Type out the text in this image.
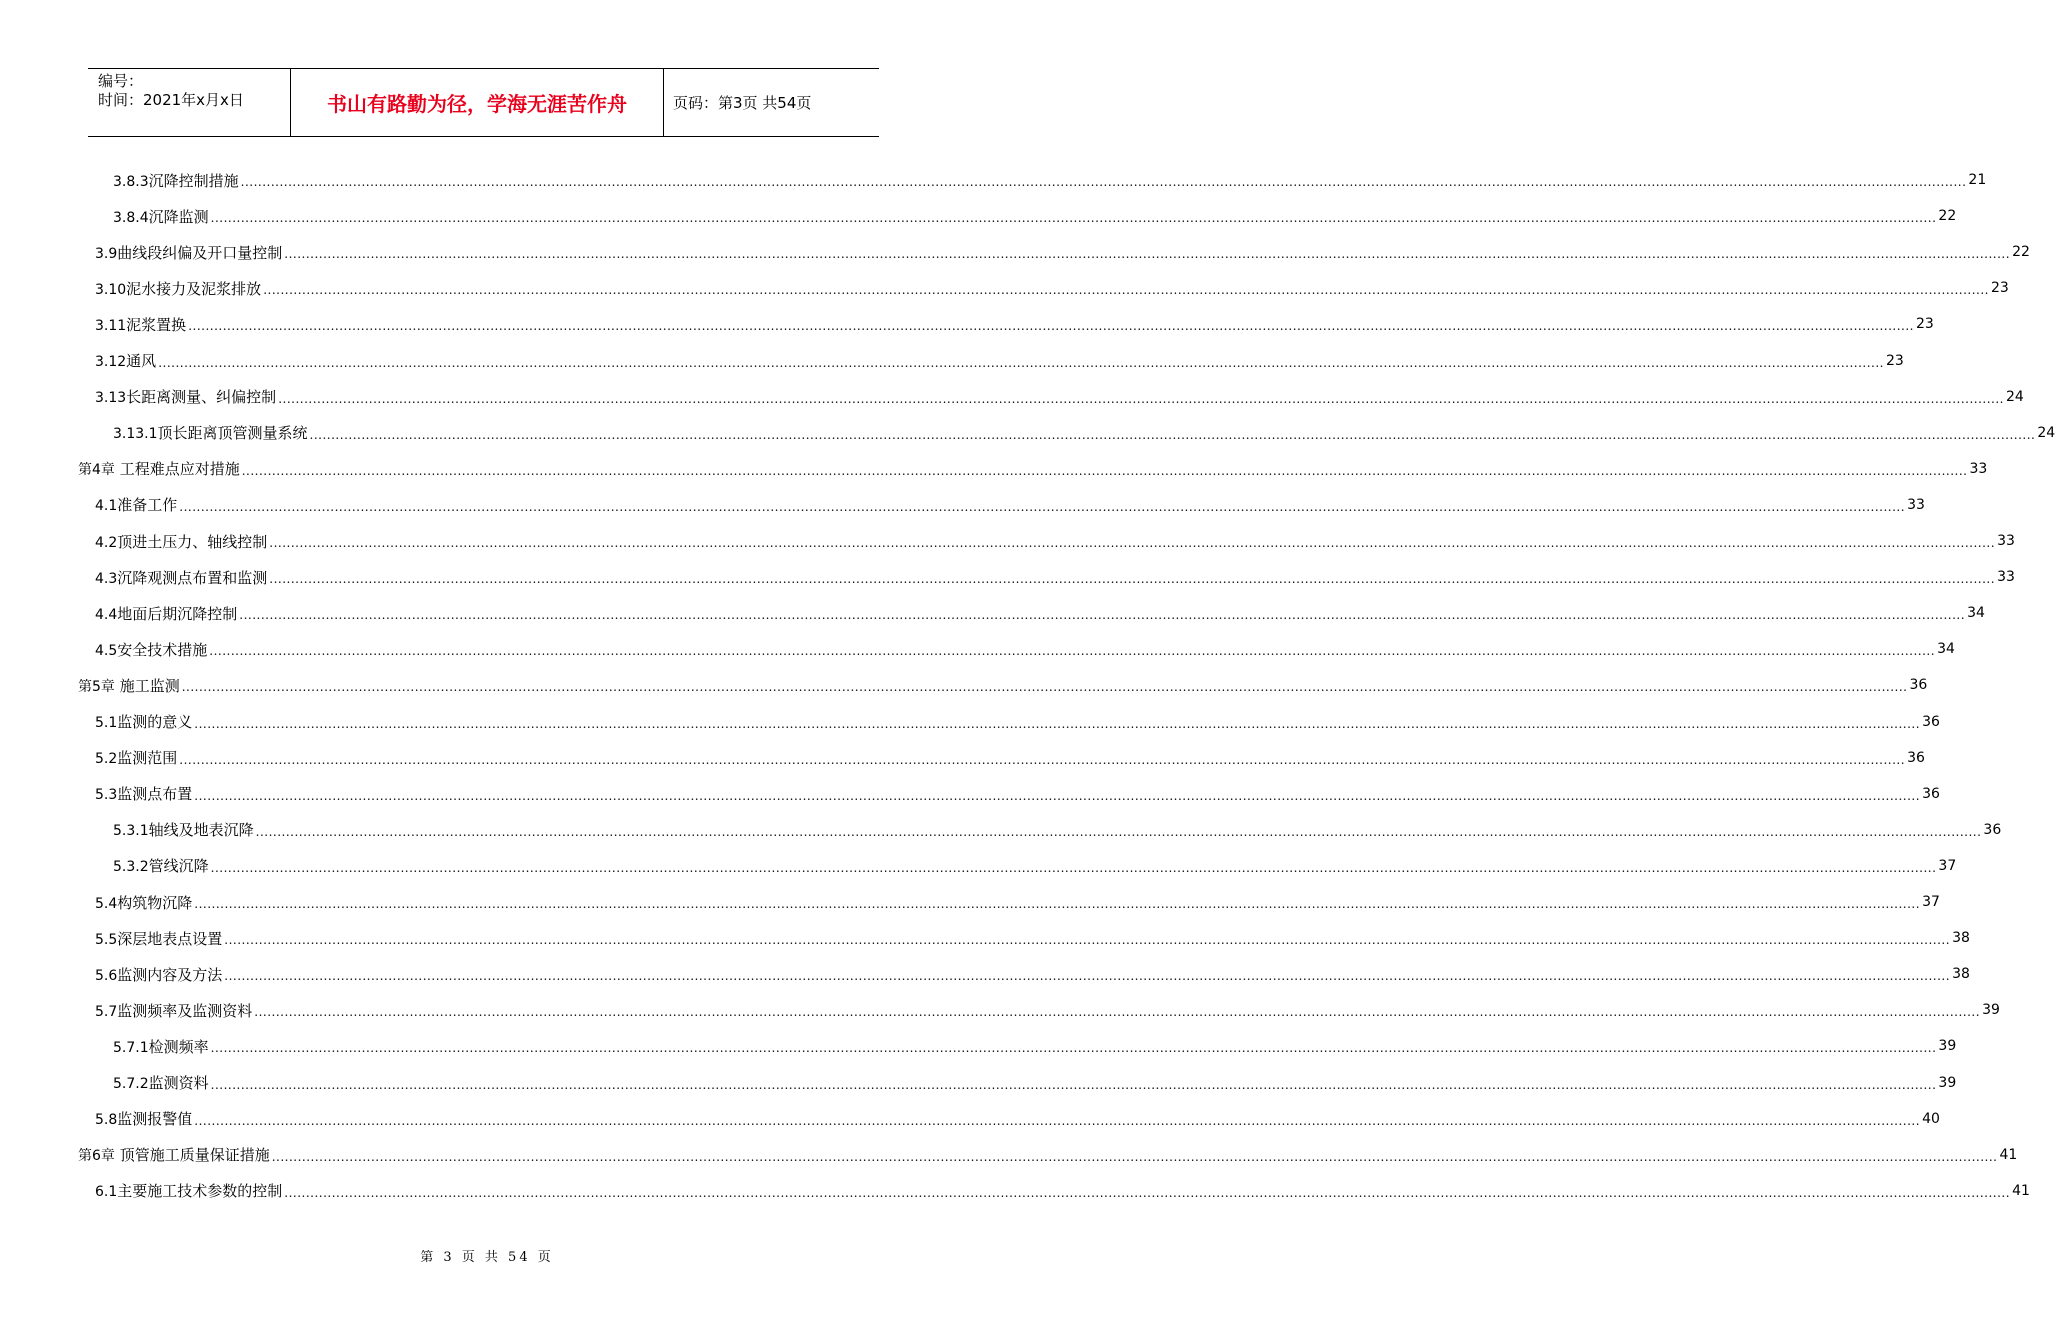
编号：
时间：2021年x月x日	书山有路勤为径，学海无涯苦作舟	页码：第3页 共54页
3.8.3沉降控制措施 ................................................................................................................................................................................................................................................................................................................................................................................................................ 21
3.8.4沉降监测 ................................................................................................................................................................................................................................................................................................................................................................................................................ 22
3.9曲线段纠偏及开口量控制 ................................................................................................................................................................................................................................................................................................................................................................................................................ 22
3.10泥水接力及泥浆排放 ................................................................................................................................................................................................................................................................................................................................................................................................................ 23
3.11泥浆置换 ................................................................................................................................................................................................................................................................................................................................................................................................................ 23
3.12通风 ................................................................................................................................................................................................................................................................................................................................................................................................................ 23
3.13长距离测量、纠偏控制 ................................................................................................................................................................................................................................................................................................................................................................................................................ 24
3.13.1顶长距离顶管测量系统 ................................................................................................................................................................................................................................................................................................................................................................................................................ 24
第4章 工程难点应对措施 ................................................................................................................................................................................................................................................................................................................................................................................................................ 33
4.1准备工作 ................................................................................................................................................................................................................................................................................................................................................................................................................ 33
4.2顶进土压力、轴线控制 ................................................................................................................................................................................................................................................................................................................................................................................................................ 33
4.3沉降观测点布置和监测 ................................................................................................................................................................................................................................................................................................................................................................................................................ 33
4.4地面后期沉降控制 ................................................................................................................................................................................................................................................................................................................................................................................................................ 34
4.5安全技术措施 ................................................................................................................................................................................................................................................................................................................................................................................................................ 34
第5章 施工监测 ................................................................................................................................................................................................................................................................................................................................................................................................................ 36
5.1监测的意义 ................................................................................................................................................................................................................................................................................................................................................................................................................ 36
5.2监测范围 ................................................................................................................................................................................................................................................................................................................................................................................................................ 36
5.3监测点布置 ................................................................................................................................................................................................................................................................................................................................................................................................................ 36
5.3.1轴线及地表沉降 ................................................................................................................................................................................................................................................................................................................................................................................................................ 36
5.3.2管线沉降 ................................................................................................................................................................................................................................................................................................................................................................................................................ 37
5.4构筑物沉降 ................................................................................................................................................................................................................................................................................................................................................................................................................ 37
5.5深层地表点设置 ................................................................................................................................................................................................................................................................................................................................................................................................................ 38
5.6监测内容及方法 ................................................................................................................................................................................................................................................................................................................................................................................................................ 38
5.7监测频率及监测资料 ................................................................................................................................................................................................................................................................................................................................................................................................................ 39
5.7.1检测频率 ................................................................................................................................................................................................................................................................................................................................................................................................................ 39
5.7.2监测资料 ................................................................................................................................................................................................................................................................................................................................................................................................................ 39
5.8监测报警值 ................................................................................................................................................................................................................................................................................................................................................................................................................ 40
第6章 顶管施工质量保证措施 ................................................................................................................................................................................................................................................................................................................................................................................................................ 41
6.1主要施工技术参数的控制 ................................................................................................................................................................................................................................................................................................................................................................................................................ 41
第 3 页 共 54 页
